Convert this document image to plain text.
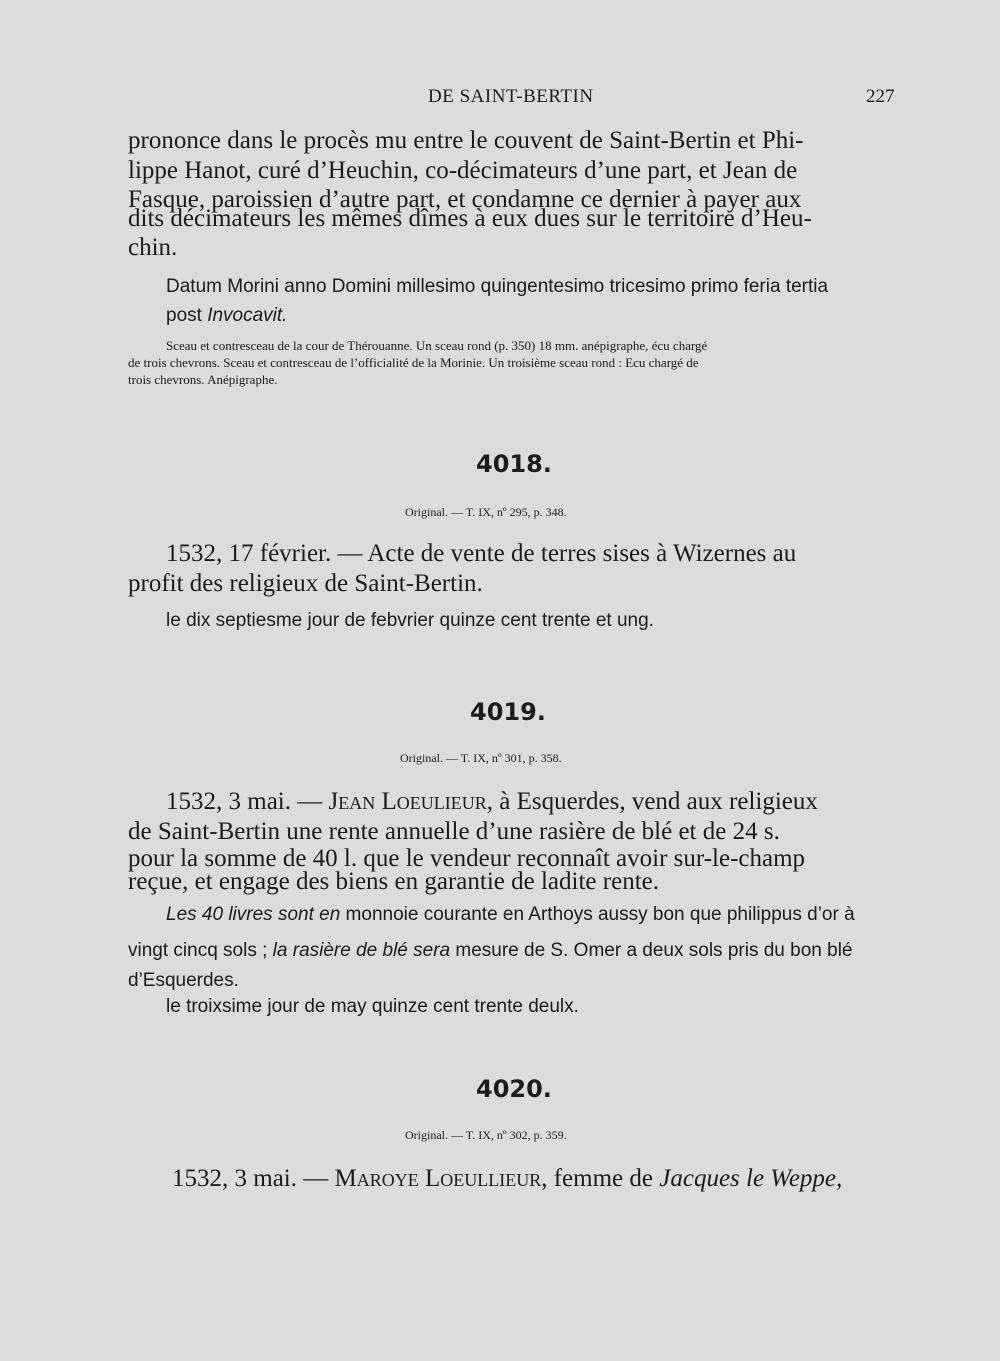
DE SAINT-BERTIN	227
prononce dans le procès mu entre le couvent de Saint-Bertin et Phi-
lippe Hanot, curé d’Heuchin, co-décimateurs d’une part, et Jean de
Fasque, paroissien d’autre part, et condamne ce dernier à payer aux
dits décimateurs les mêmes dîmes à eux dues sur le territoire d’Heu-
chin.
Datum Morini anno Domini millesimo quingentesimo tricesimo primo feria tertia
post Invocavit.
Sceau et contresceau de la cour de Thérouanne. Un sceau rond (p. 350) 18 mm. anépigraphe, écu chargé
de trois chevrons. Sceau et contresceau de l’officialité de la Morinie. Un troisième sceau rond : Ecu chargé de
trois chevrons. Anépigraphe.
4018.
Original. — T. IX, nº 295, p. 348.
1532, 17 février. — Acte de vente de terres sises à Wizernes au
profit des religieux de Saint-Bertin.
le dix septiesme jour de febvrier quinze cent trente et ung.
4019.
Original. — T. IX, nº 301, p. 358.
1532, 3 mai. — Jean Loeulieur, à Esquerdes, vend aux religieux
de Saint-Bertin une rente annuelle d’une rasière de blé et de 24 s.
pour la somme de 40 l. que le vendeur reconnaît avoir sur-le-champ
reçue, et engage des biens en garantie de ladite rente.
Les 40 livres sont en monnoie courante en Arthoys aussy bon que philippus d’or à
vingt cincq sols ; la rasière de blé sera mesure de S. Omer a deux sols pris du bon blé
d’Esquerdes.
le troixsime jour de may quinze cent trente deulx.
4020.
Original. — T. IX, nº 302, p. 359.
1532, 3 mai. — Maroye Loeullieur, femme de Jacques le Weppe,
